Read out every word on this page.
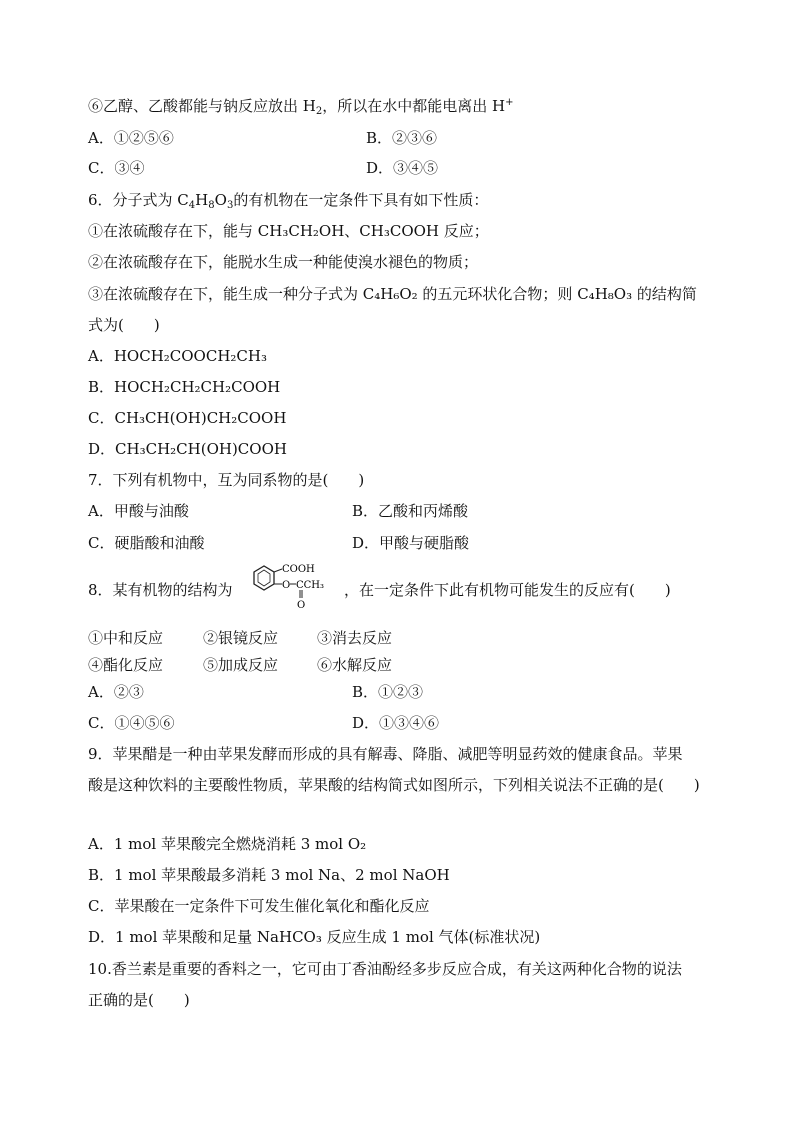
⑥乙醇、乙酸都能与钠反应放出 $H_2$，所以在水中都能电离出 H+
A．①②⑤⑥	B．②③⑥
C．③④	D．③④⑤
6．分子式为 $C_4H_8O_3$的有机物在一定条件下具有如下性质：
①在浓硫酸存在下，能与 CH₃CH₂OH、CH₃COOH 反应；
②在浓硫酸存在下，能脱水生成一种能使溴水褪色的物质；
③在浓硫酸存在下，能生成一种分子式为 C₄H₆O₂ 的五元环状化合物；则 C₄H₈O₃ 的结构简
式为(　　)
A．HOCH₂COOCH₂CH₃
B．HOCH₂CH₂CH₂COOH
C．CH₃CH(OH)CH₂COOH
D．CH₃CH₂CH(OH)COOH
7．下列有机物中，互为同系物的是(　　)
A．甲酸与油酸	B．乙酸和丙烯酸
C．硬脂酸和油酸	D．甲酸与硬脂酸
8．某有机物的结构为
COOH
O CCH₃
O
，在一定条件下此有机物可能发生的反应有(　　)
①中和反应	②银镜反应	③消去反应
④酯化反应	⑤加成反应	⑥水解反应
A．②③	B．①②③
C．①④⑤⑥	D．①③④⑥
9．苹果醋是一种由苹果发酵而形成的具有解毒、降脂、减肥等明显药效的健康食品。苹果
酸是这种饮料的主要酸性物质，苹果酸的结构简式如图所示，下列相关说法不正确的是(　　)
A．1 mol 苹果酸完全燃烧消耗 3 mol O₂
B．1 mol 苹果酸最多消耗 3 mol Na、2 mol NaOH
C．苹果酸在一定条件下可发生催化氧化和酯化反应
D．1 mol 苹果酸和足量 NaHCO₃ 反应生成 1 mol 气体(标准状况)
10.香兰素是重要的香料之一，它可由丁香油酚经多步反应合成，有关这两种化合物的说法
正确的是(　　)
